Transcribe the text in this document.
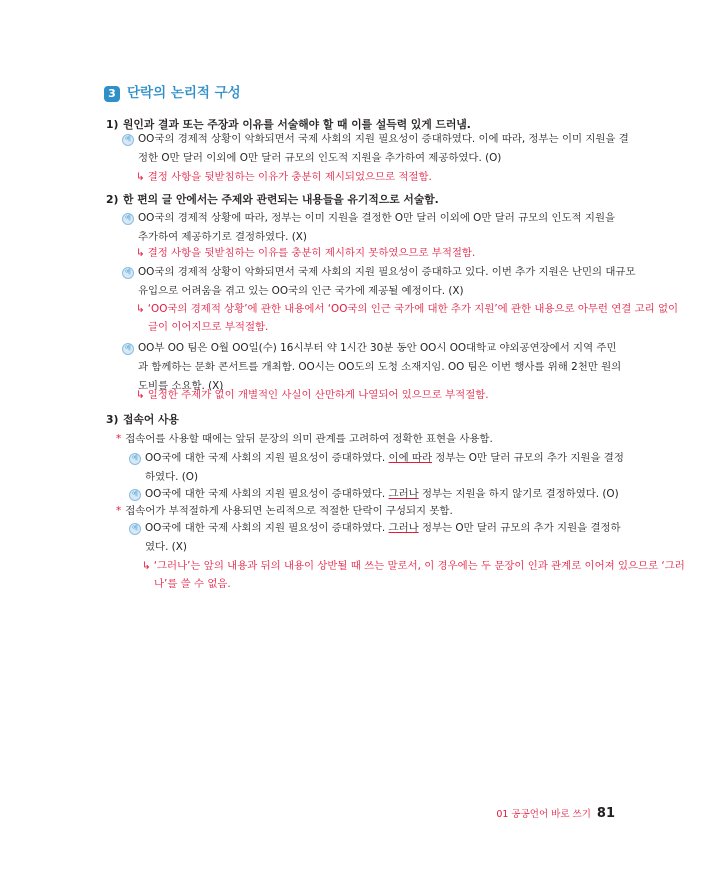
3 단락의 논리적 구성
1) 원인과 결과 또는 주장과 이유를 서술해야 할 때 이를 설득력 있게 드러냄.
예 OO국의 경제적 상황이 악화되면서 국제 사회의 지원 필요성이 증대하였다. 이에 따라, 정부는 이미 지원을 결
정한 O만 달러 이외에 O만 달러 규모의 인도적 지원을 추가하여 제공하였다. (O)
↳ 결정 사항을 뒷받침하는 이유가 충분히 제시되었으므로 적절함.
2) 한 편의 글 안에서는 주제와 관련되는 내용들을 유기적으로 서술함.
예 OO국의 경제적 상황에 따라, 정부는 이미 지원을 결정한 O만 달러 이외에 O만 달러 규모의 인도적 지원을
추가하여 제공하기로 결정하였다. (X)
↳ 결정 사항을 뒷받침하는 이유를 충분히 제시하지 못하였으므로 부적절함.
예 OO국의 경제적 상황이 악화되면서 국제 사회의 지원 필요성이 증대하고 있다. 이번 추가 지원은 난민의 대규모
유입으로 어려움을 겪고 있는 OO국의 인근 국가에 제공될 예정이다. (X)
↳ ‘OO국의 경제적 상황’에 관한 내용에서 ‘OO국의 인근 국가에 대한 추가 지원’에 관한 내용으로 아무런 연결 고리 없이
글이 이어지므로 부적절함.
예 OO부 OO 팀은 O월 OO일(수) 16시부터 약 1시간 30분 동안 OO시 OO대학교 야외공연장에서 지역 주민
과 함께하는 문화 콘서트를 개최함. OO시는 OO도의 도청 소재지임. OO 팀은 이번 행사를 위해 2천만 원의
도비를 소요함. (X)
↳ 일정한 주제가 없이 개별적인 사실이 산만하게 나열되어 있으므로 부적절함.
3) 접속어 사용
* 접속어를 사용할 때에는 앞뒤 문장의 의미 관계를 고려하여 정확한 표현을 사용함.
예 OO국에 대한 국제 사회의 지원 필요성이 증대하였다. 이에 따라 정부는 O만 달러 규모의 추가 지원을 결정
하였다. (O)
예 OO국에 대한 국제 사회의 지원 필요성이 증대하였다. 그러나 정부는 지원을 하지 않기로 결정하였다. (O)
* 접속어가 부적절하게 사용되면 논리적으로 적절한 단락이 구성되지 못함.
예 OO국에 대한 국제 사회의 지원 필요성이 증대하였다. 그러나 정부는 O만 달러 규모의 추가 지원을 결정하
였다. (X)
↳ ‘그러나’는 앞의 내용과 뒤의 내용이 상반될 때 쓰는 말로서, 이 경우에는 두 문장이 인과 관계로 이어져 있으므로 ‘그러
나’를 쓸 수 없음.
01 공공언어 바로 쓰기 81
